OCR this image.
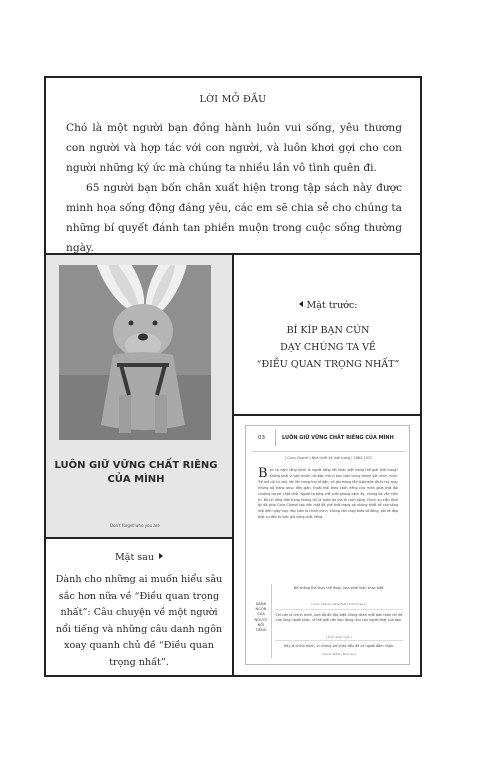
LỜI MỞ ĐẦU

Chó là một người bạn đồng hành luôn vui sống, yêu thương con người và hợp tác với con người, và luôn khơi gợi cho con người những ký ức mà chúng ta nhiều lần vô tình quên đi.

65 người bạn bốn chân xuất hiện trong tập sách này được minh họa sống động đáng yêu, các em sẽ chia sẻ cho chúng ta những bí quyết đánh tan phiền muộn trong cuộc sống thường ngày.

LUÔN GIỮ VỮNG CHẤT RIÊNG CỦA MÌNH
Don't forget who you are
Mặt trước:
BÍ KÍP BẠN CÚN
DẠY CHÚNG TA VỀ
“ĐIỀU QUAN TRỌNG NHẤT”
Mặt sau
Dành cho những ai muốn hiểu sâu sắc hơn nữa về “Điều quan trọng nhất”: Câu chuyện về một người nổi tiếng và những câu danh ngôn xoay quanh chủ đề “Điều quan trọng nhất”.
03	LUÔN GIỮ VỮNG CHẤT RIÊNG CỦA MÌNH
| Coco Chanel | Nhà thiết kế thời trang | 1883-1971
Bạn có nghĩ rằng mình là người sống rất khác biệt trong thế giới thời trang? Không phải vì bạn muốn nổi bật, mà vì bạn luôn trung thành với chính mình. Trẻ mồ côi từ nhỏ, lớn lên trong trại tế bần, cô gái mang tên Gabrielle đã tự tay may những bộ trang phục đơn giản, thoải mái theo cách riêng của mình giữa thời đại chuộng corset chật chội. Người ta từng chê cười phong cách ấy, nhưng bà vẫn kiên trì. Bà tin rằng thời trang không chỉ là quần áo mà là cách sống. Chính sự kiên định ấy đã giúp Coco Chanel tạo nên một đế chế thời trang và những thiết kế còn sống mãi đến ngày nay. Hãy luôn là chính mình, không cần chạy theo số đông, bởi vẻ đẹp thật sự đến từ việc giữ vững chất riêng.
DANH NGÔN CỦA NGƯỜI NỔI TIẾNG
Để không thể thay thế được, bạn phải luôn khác biệt.
| Coco Chanel | Nhà thiết kế thời trang |
Chỉ cần là chính mình, bạn đã đủ đặc biệt. Đừng đánh mất bản thân chỉ để vừa lòng người khác, vì thế giới cần bạn đúng như con người thật của bạn.
| Trích danh ngôn |
Hãy là chính mình, vì những vai khác đều đã có người đảm nhận.
| Oscar Wilde | Nhà văn |
